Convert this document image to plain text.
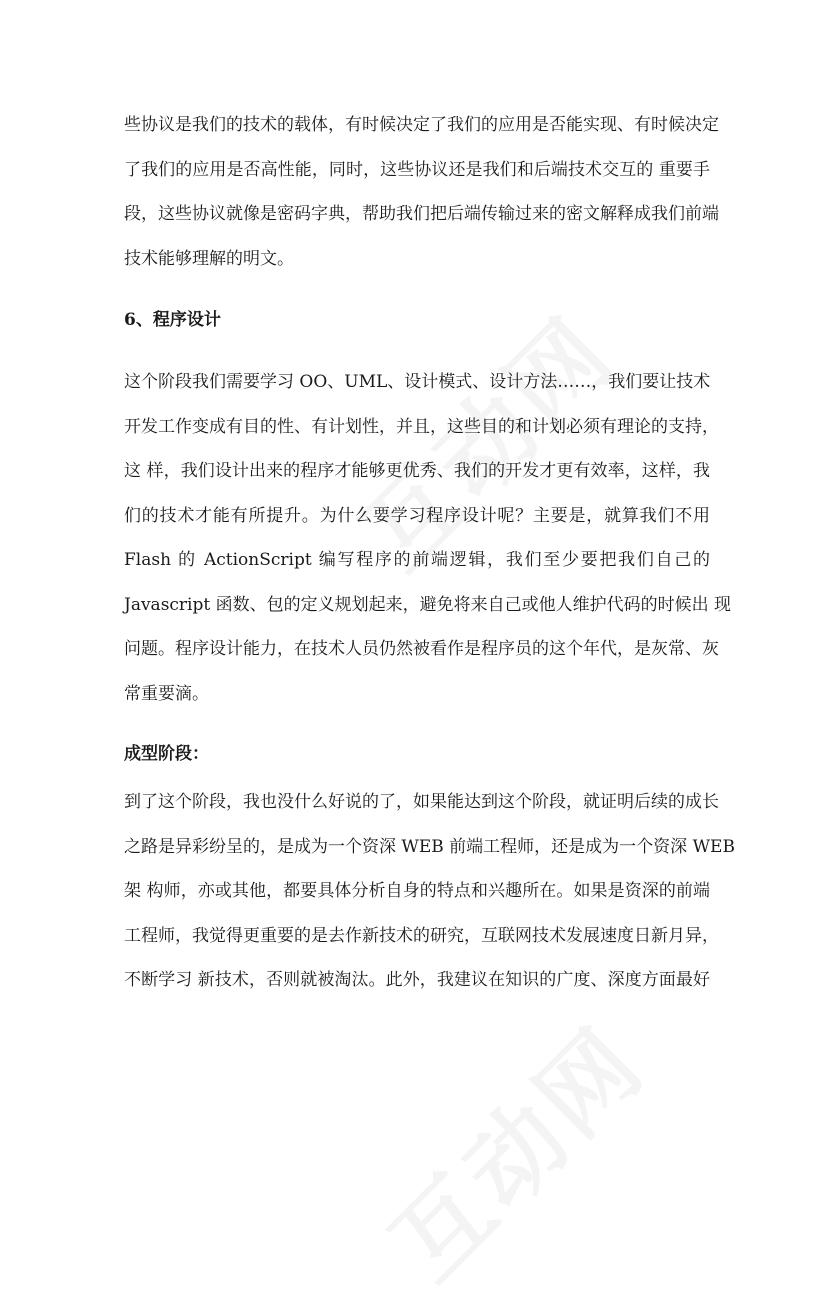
些协议是我们的技术的载体，有时候决定了我们的应用是否能实现、有时候决定
了我们的应用是否高性能，同时，这些协议还是我们和后端技术交互的 重要手
段，这些协议就像是密码字典，帮助我们把后端传输过来的密文解释成我们前端
技术能够理解的明文。

6、程序设计

这个阶段我们需要学习 OO、UML、设计模式、设计方法……，我们要让技术
开发工作变成有目的性、有计划性，并且，这些目的和计划必须有理论的支持，
这 样，我们设计出来的程序才能够更优秀、我们的开发才更有效率，这样，我
们的技术才能有所提升。为什么要学习程序设计呢？主要是，就算我们不用
Flash 的 ActionScript 编写程序的前端逻辑，我们至少要把我们自己的
Javascript 函数、包的定义规划起来，避免将来自己或他人维护代码的时候出 现
问题。程序设计能力，在技术人员仍然被看作是程序员的这个年代，是灰常、灰
常重要滴。

成型阶段：

到了这个阶段，我也没什么好说的了，如果能达到这个阶段，就证明后续的成长
之路是异彩纷呈的，是成为一个资深 WEB 前端工程师，还是成为一个资深 WEB
架 构师，亦或其他，都要具体分析自身的特点和兴趣所在。如果是资深的前端
工程师，我觉得更重要的是去作新技术的研究，互联网技术发展速度日新月异，
不断学习 新技术，否则就被淘汰。此外，我建议在知识的广度、深度方面最好
